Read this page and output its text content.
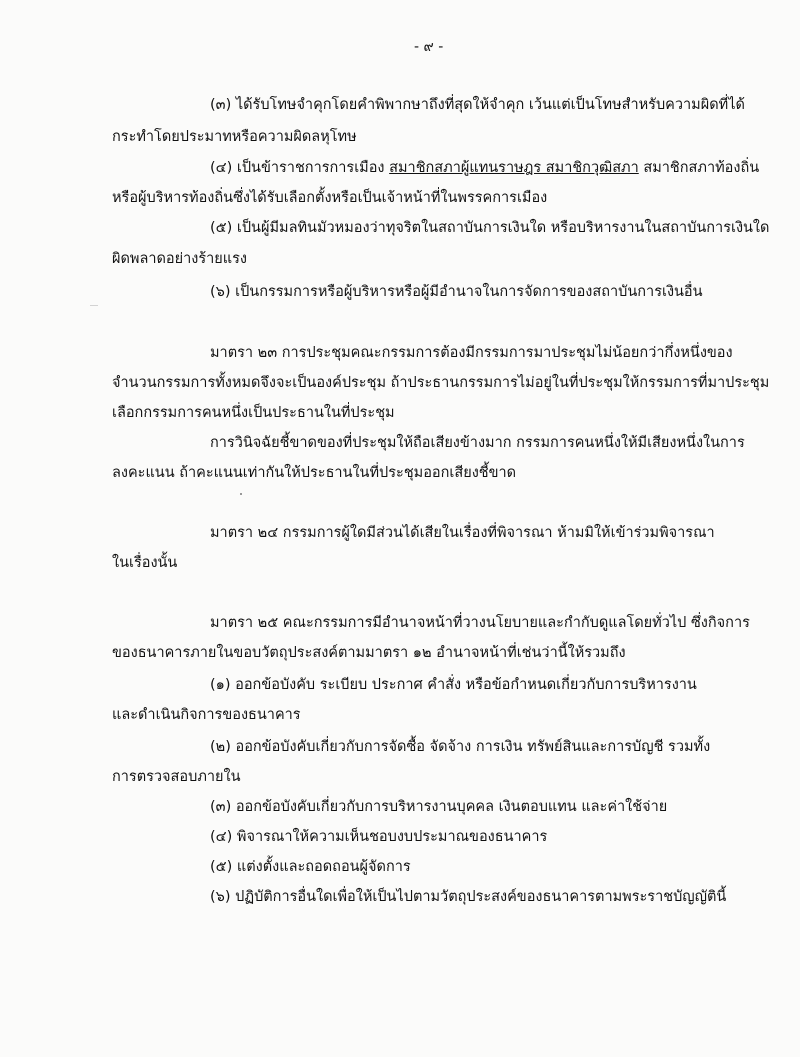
- ๙ -
(๓) ได้รับโทษจำคุกโดยคำพิพากษาถึงที่สุดให้จำคุก เว้นแต่เป็นโทษสำหรับความผิดที่ได้
กระทำโดยประมาทหรือความผิดลหุโทษ
(๔) เป็นข้าราชการการเมือง สมาชิกสภาผู้แทนราษฎร สมาชิกวุฒิสภา สมาชิกสภาท้องถิ่น
หรือผู้บริหารท้องถิ่นซึ่งได้รับเลือกตั้งหรือเป็นเจ้าหน้าที่ในพรรคการเมือง
(๕) เป็นผู้มีมลทินมัวหมองว่าทุจริตในสถาบันการเงินใด หรือบริหารงานในสถาบันการเงินใด
ผิดพลาดอย่างร้ายแรง
(๖) เป็นกรรมการหรือผู้บริหารหรือผู้มีอำนาจในการจัดการของสถาบันการเงินอื่น
มาตรา ๒๓ การประชุมคณะกรรมการต้องมีกรรมการมาประชุมไม่น้อยกว่ากึ่งหนึ่งของ
จำนวนกรรมการทั้งหมดจึงจะเป็นองค์ประชุม ถ้าประธานกรรมการไม่อยู่ในที่ประชุมให้กรรมการที่มาประชุม
เลือกกรรมการคนหนึ่งเป็นประธานในที่ประชุม
การวินิจฉัยชี้ขาดของที่ประชุมให้ถือเสียงข้างมาก กรรมการคนหนึ่งให้มีเสียงหนึ่งในการ
ลงคะแนน ถ้าคะแนนเท่ากันให้ประธานในที่ประชุมออกเสียงชี้ขาด
มาตรา ๒๔ กรรมการผู้ใดมีส่วนได้เสียในเรื่องที่พิจารณา ห้ามมิให้เข้าร่วมพิจารณา
ในเรื่องนั้น
มาตรา ๒๕ คณะกรรมการมีอำนาจหน้าที่วางนโยบายและกำกับดูแลโดยทั่วไป ซึ่งกิจการ
ของธนาคารภายในขอบวัตถุประสงค์ตามมาตรา ๑๒ อำนาจหน้าที่เช่นว่านี้ให้รวมถึง
(๑) ออกข้อบังคับ ระเบียบ ประกาศ คำสั่ง หรือข้อกำหนดเกี่ยวกับการบริหารงาน
และดำเนินกิจการของธนาคาร
(๒) ออกข้อบังคับเกี่ยวกับการจัดซื้อ จัดจ้าง การเงิน ทรัพย์สินและการบัญชี รวมทั้ง
การตรวจสอบภายใน
(๓) ออกข้อบังคับเกี่ยวกับการบริหารงานบุคคล เงินตอบแทน และค่าใช้จ่าย
(๔) พิจารณาให้ความเห็นชอบงบประมาณของธนาคาร
(๕) แต่งตั้งและถอดถอนผู้จัดการ
(๖) ปฏิบัติการอื่นใดเพื่อให้เป็นไปตามวัตถุประสงค์ของธนาคารตามพระราชบัญญัตินี้
